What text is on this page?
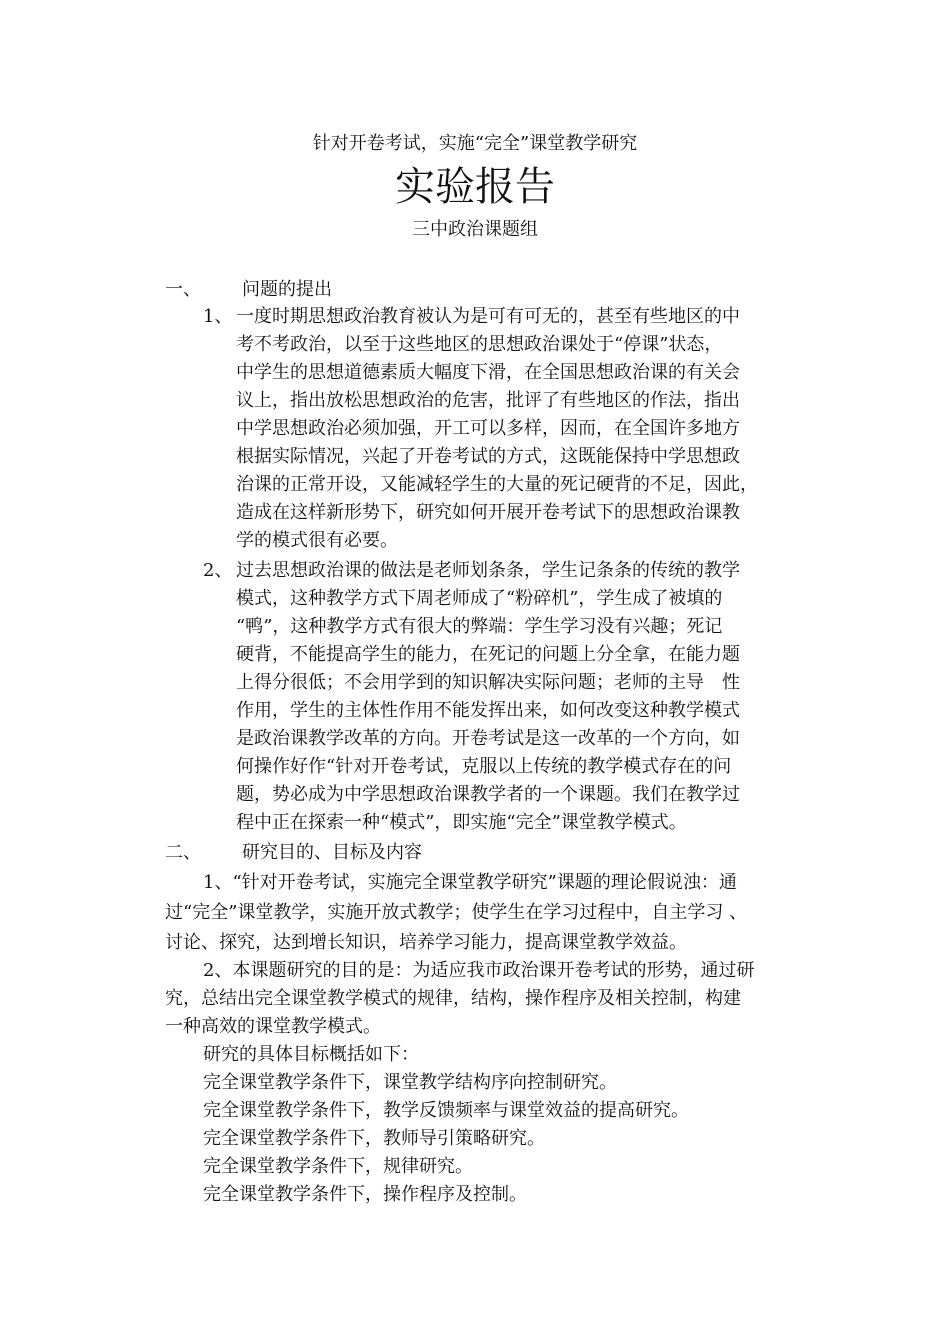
针对开卷考试，实施“完全”课堂教学研究
实验报告
三中政治课题组
一、 问题的提出
1、 一度时期思想政治教育被认为是可有可无的，甚至有些地区的中
考不考政治，以至于这些地区的思想政治课处于“停课”状态，
中学生的思想道德素质大幅度下滑，在全国思想政治课的有关会
议上，指出放松思想政治的危害，批评了有些地区的作法，指出
中学思想政治必须加强，开工可以多样，因而，在全国许多地方
根据实际情况，兴起了开卷考试的方式，这既能保持中学思想政
治课的正常开设，又能减轻学生的大量的死记硬背的不足，因此，
造成在这样新形势下，研究如何开展开卷考试下的思想政治课教
学的模式很有必要。
2、 过去思想政治课的做法是老师划条条，学生记条条的传统的教学
模式，这种教学方式下周老师成了“粉碎机”，学生成了被填的
“鸭”，这种教学方式有很大的弊端：学生学习没有兴趣；死记
硬背，不能提高学生的能力，在死记的问题上分全拿，在能力题
上得分很低；不会用学到的知识解决实际问题；老师的主导　性
作用，学生的主体性作用不能发挥出来，如何改变这种教学模式
是政治课教学改革的方向。开卷考试是这一改革的一个方向，如
何操作好作“针对开卷考试，克服以上传统的教学模式存在的问
题，势必成为中学思想政治课教学者的一个课题。我们在教学过
程中正在探索一种“模式”，即实施“完全”课堂教学模式。
二、 研究目的、目标及内容
1、“针对开卷考试，实施完全课堂教学研究”课题的理论假说浊：通
过“完全”课堂教学，实施开放式教学；使学生在学习过程中，自主学习 、
讨论、探究，达到增长知识，培养学习能力，提高课堂教学效益。
2、本课题研究的目的是：为适应我市政治课开卷考试的形势，通过研
究，总结出完全课堂教学模式的规律，结构，操作程序及相关控制，构建
一种高效的课堂教学模式。
研究的具体目标概括如下：
完全课堂教学条件下，课堂教学结构序向控制研究。
完全课堂教学条件下，教学反馈频率与课堂效益的提高研究。
完全课堂教学条件下，教师导引策略研究。
完全课堂教学条件下，规律研究。
完全课堂教学条件下，操作程序及控制。
